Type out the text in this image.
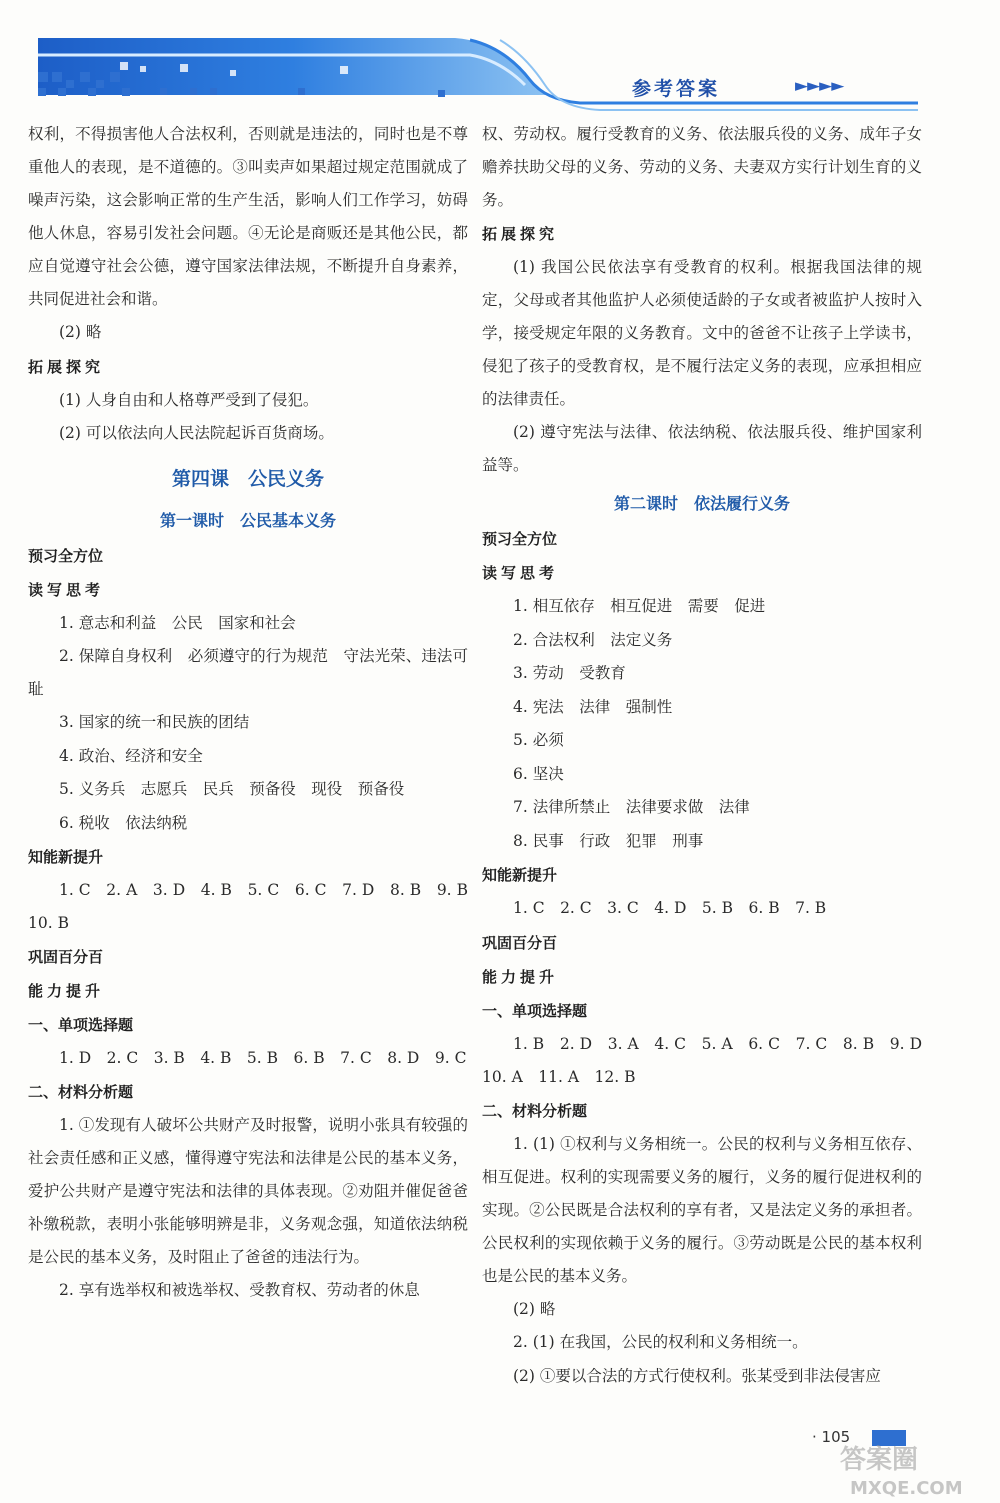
参考答案	►►►►

权利，不得损害他人合法权利，否则就是违法的，同时也是不尊重他人的表现，是不道德的。③叫卖声如果超过规定范围就成了噪声污染，这会影响正常的生产生活，影响人们工作学习，妨碍他人休息，容易引发社会问题。④无论是商贩还是其他公民，都应自觉遵守社会公德，遵守国家法律法规，不断提升自身素养，共同促进社会和谐。

(2) 略

拓展探究

(1) 人身自由和人格尊严受到了侵犯。

(2) 可以依法向人民法院起诉百货商场。

第四课　公民义务
第一课时　公民基本义务

预习全方位

读写思考

1. 意志和利益　公民　国家和社会

2. 保障自身权利　必须遵守的行为规范　守法光荣、违法可耻

3. 国家的统一和民族的团结

4. 政治、经济和安全

5. 义务兵　志愿兵　民兵　预备役　现役　预备役

6. 税收　依法纳税

知能新提升

1. C　2. A　3. D　4. B　5. C　6. C　7. D　8. B　9. B　10. B

巩固百分百

能力提升

一、单项选择题

1. D　2. C　3. B　4. B　5. B　6. B　7. C　8. D　9. C

二、材料分析题

1. ①发现有人破坏公共财产及时报警，说明小张具有较强的社会责任感和正义感，懂得遵守宪法和法律是公民的基本义务，爱护公共财产是遵守宪法和法律的具体表现。②劝阻并催促爸爸补缴税款，表明小张能够明辨是非，义务观念强，知道依法纳税是公民的基本义务，及时阻止了爸爸的违法行为。

2. 享有选举权和被选举权、受教育权、劳动者的休息

权、劳动权。履行受教育的义务、依法服兵役的义务、成年子女赡养扶助父母的义务、劳动的义务、夫妻双方实行计划生育的义务。

拓展探究

(1) 我国公民依法享有受教育的权利。根据我国法律的规定，父母或者其他监护人必须使适龄的子女或者被监护人按时入学，接受规定年限的义务教育。文中的爸爸不让孩子上学读书，侵犯了孩子的受教育权，是不履行法定义务的表现，应承担相应的法律责任。

(2) 遵守宪法与法律、依法纳税、依法服兵役、维护国家利益等。

第二课时　依法履行义务

预习全方位

读写思考

1. 相互依存　相互促进　需要　促进

2. 合法权利　法定义务

3. 劳动　受教育

4. 宪法　法律　强制性

5. 必须

6. 坚决

7. 法律所禁止　法律要求做　法律

8. 民事　行政　犯罪　刑事

知能新提升

1. C　2. C　3. C　4. D　5. B　6. B　7. B

巩固百分百

能力提升

一、单项选择题

1. B　2. D　3. A　4. C　5. A　6. C　7. C　8. B　9. D　10. A　11. A　12. B

二、材料分析题

1. (1) ①权利与义务相统一。公民的权利与义务相互依存、相互促进。权利的实现需要义务的履行，义务的履行促进权利的实现。②公民既是合法权利的享有者，又是法定义务的承担者。公民权利的实现依赖于义务的履行。③劳动既是公民的基本权利也是公民的基本义务。

(2) 略

2. (1) 在我国，公民的权利和义务相统一。

(2) ①要以合法的方式行使权利。张某受到非法侵害应

· 105
答案圈
MXQE.COM
